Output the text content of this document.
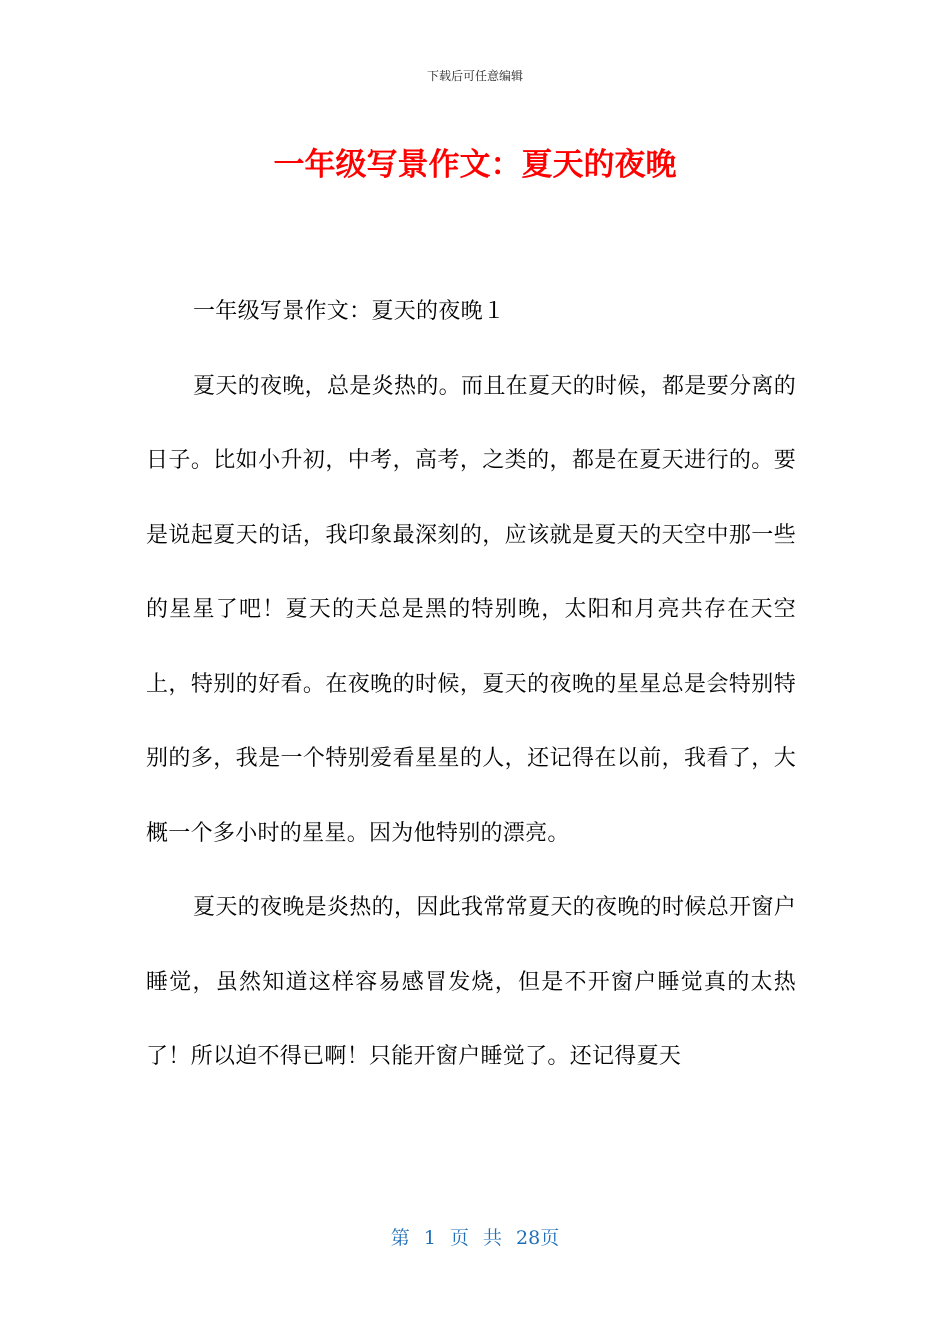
下载后可任意编辑
一年级写景作文：夏天的夜晚

一年级写景作文：夏天的夜晚１

夏天的夜晚，总是炎热的。而且在夏天的时候，都是要分离的日子。比如小升初，中考，高考，之类的，都是在夏天进行的。要是说起夏天的话，我印象最深刻的，应该就是夏天的天空中那一些的星星了吧！夏天的天总是黑的特别晚，太阳和月亮共存在天空上，特别的好看。在夜晚的时候，夏天的夜晚的星星总是会特别特别的多，我是一个特别爱看星星的人，还记得在以前，我看了，大概一个多小时的星星。因为他特别的漂亮。

夏天的夜晚是炎热的，因此我常常夏天的夜晚的时候总开窗户睡觉，虽然知道这样容易感冒发烧，但是不开窗户睡觉真的太热了！所以迫不得已啊！只能开窗户睡觉了。还记得夏天

第 1 页 共 28页
